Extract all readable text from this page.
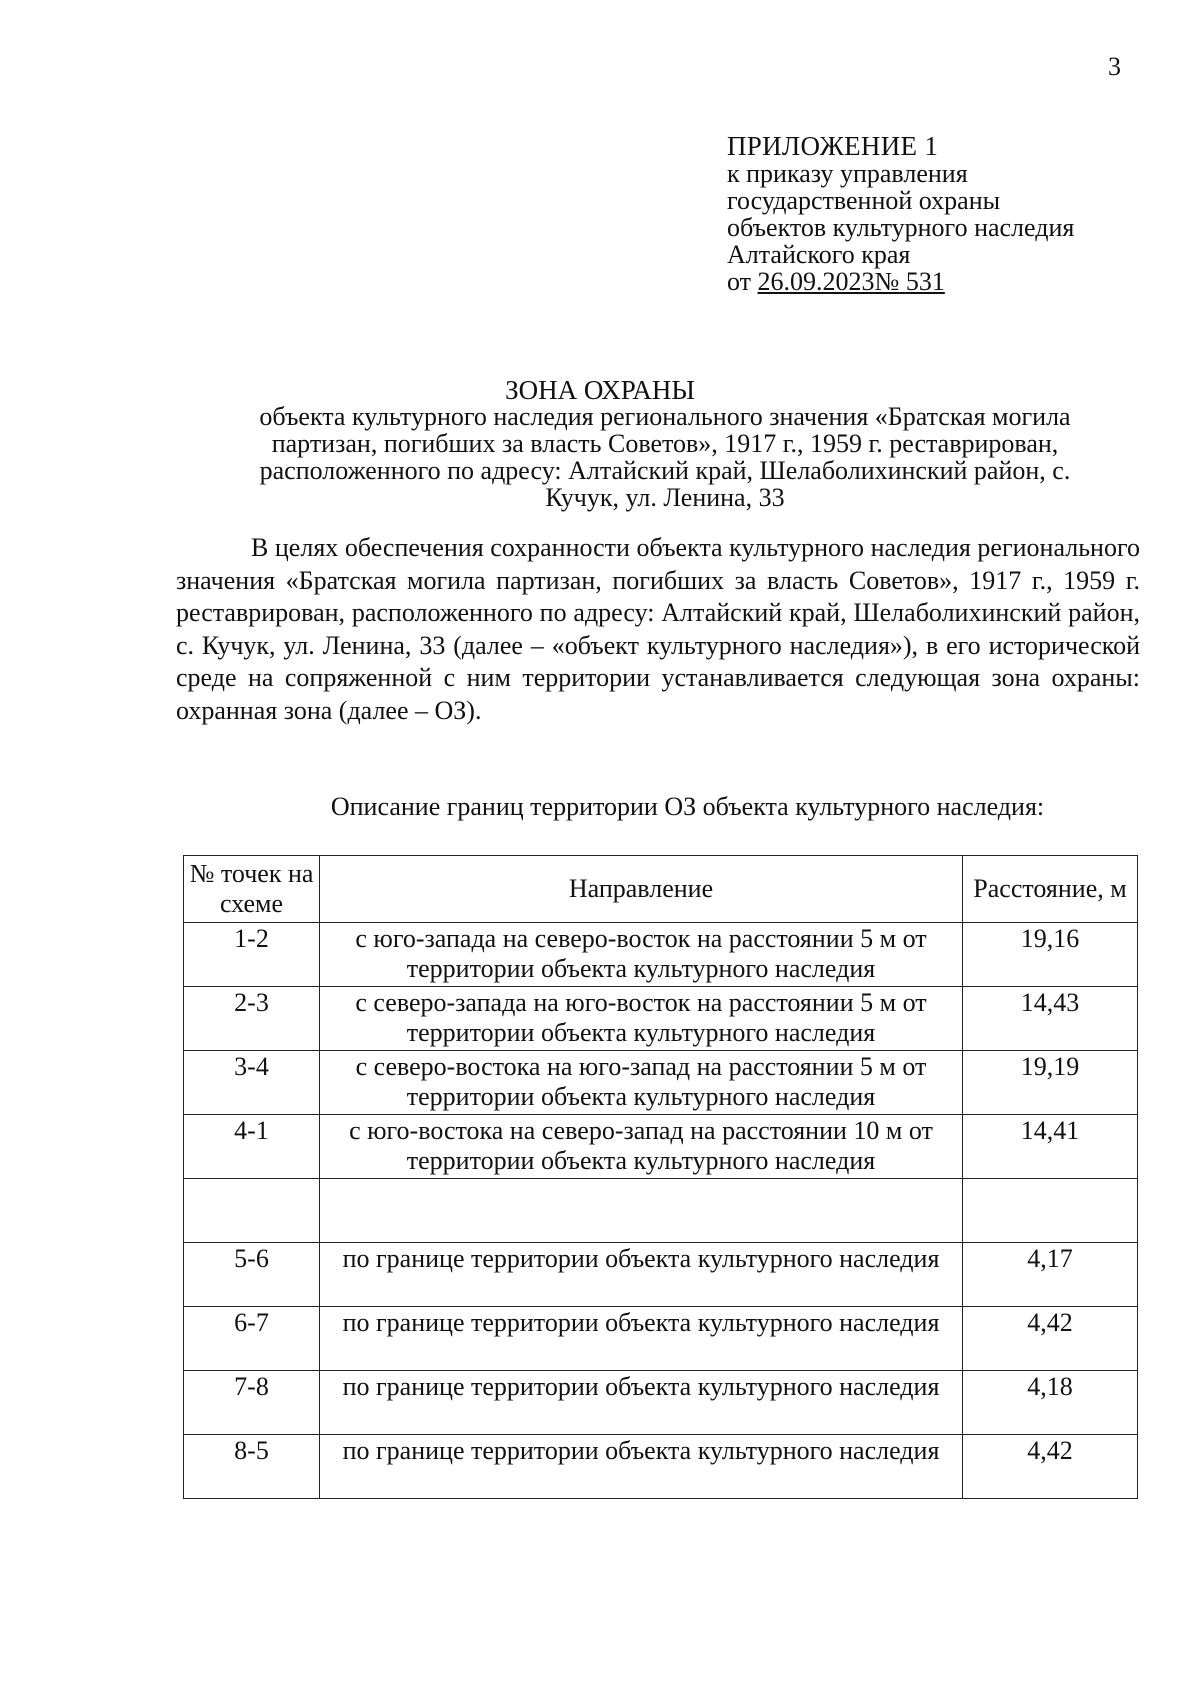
3
ПРИЛОЖЕНИЕ 1
к приказу управления
государственной охраны
объектов культурного наследия
Алтайского края
от 26.09.2023№ 531
ЗОНА ОХРАНЫ
объекта культурного наследия регионального значения «Братская могила партизан, погибших за власть Советов», 1917 г., 1959 г. реставрирован, расположенного по адресу: Алтайский край, Шелаболихинский район, с. Кучук, ул. Ленина, 33
В целях обеспечения сохранности объекта культурного наследия регионального значения «Братская могила партизан, погибших за власть Советов», 1917 г., 1959 г. реставрирован, расположенного по адресу: Алтайский край, Шелаболихинский район, с. Кучук, ул. Ленина, 33 (далее – «объект культурного наследия»), в его исторической среде на сопряженной с ним территории устанавливается следующая зона охраны: охранная зона (далее – ОЗ).
Описание границ территории ОЗ объекта культурного наследия:
№ точек на схеме	Направление	Расстояние, м
1-2	с юго-запада на северо-восток на расстоянии 5 м от территории объекта культурного наследия	19,16
2-3	с северо-запада на юго-восток на расстоянии 5 м от территории объекта культурного наследия	14,43
3-4	с северо-востока на юго-запад на расстоянии 5 м от территории объекта культурного наследия	19,19
4-1	с юго-востока на северо-запад на расстоянии 10 м от территории объекта культурного наследия	14,41

5-6	по границе территории объекта культурного наследия	4,17
6-7	по границе территории объекта культурного наследия	4,42
7-8	по границе территории объекта культурного наследия	4,18
8-5	по границе территории объекта культурного наследия	4,42
